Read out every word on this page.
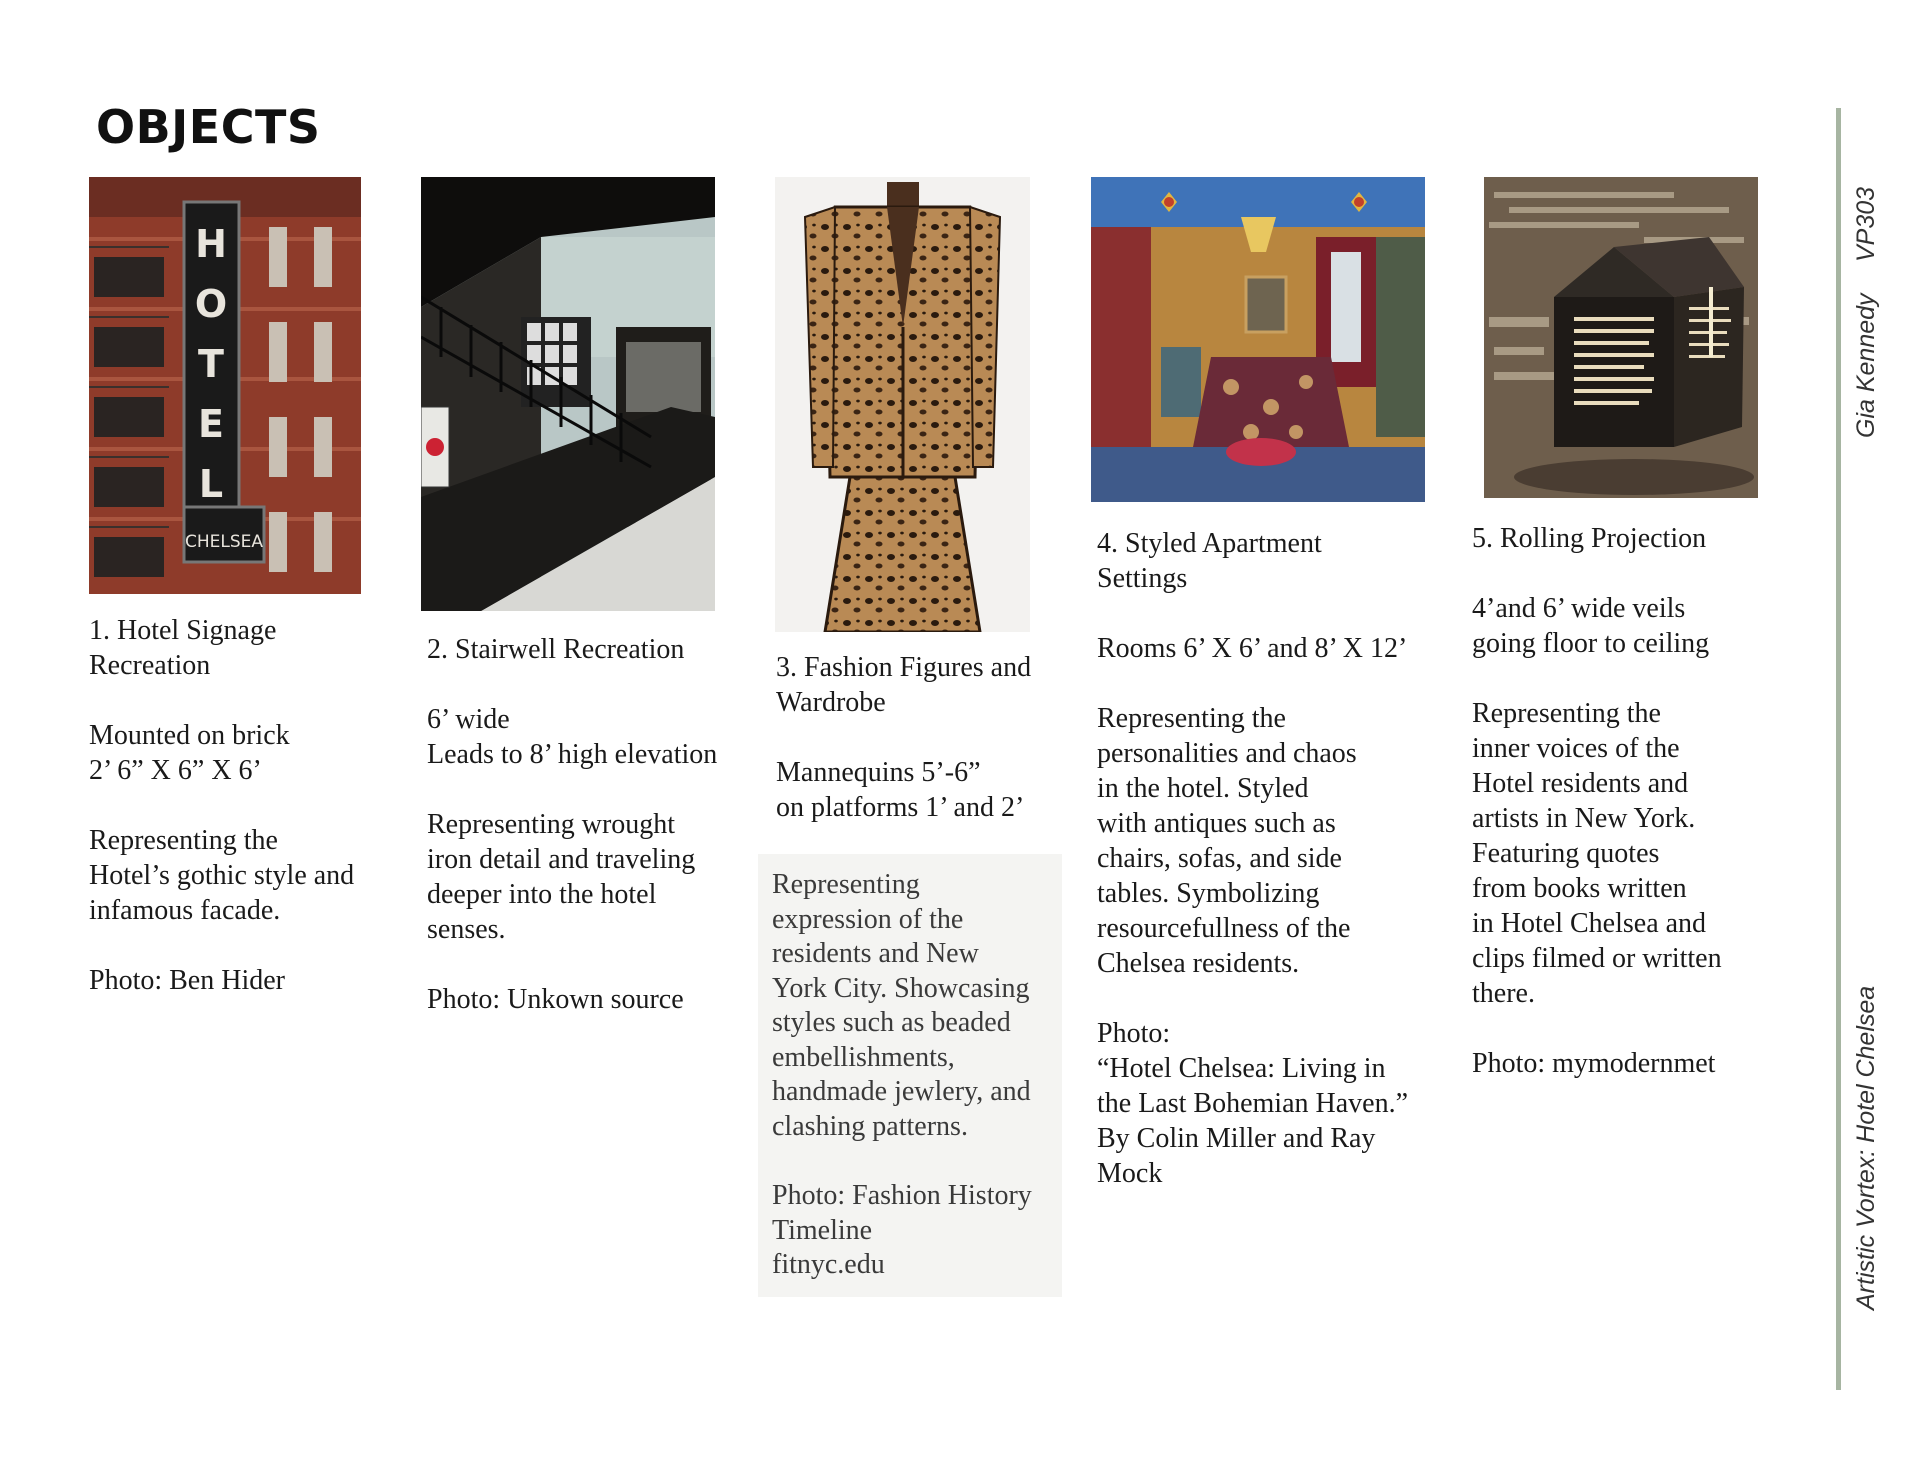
OBJECTS
H
O
T
E
L
CHELSEA

1. Hotel Signage
Recreation

Mounted on brick
2’ 6” X 6” X 6’

Representing the
Hotel’s gothic style and
infamous facade.

Photo: Ben Hider

2. Stairwell Recreation

6’ wide
Leads to 8’ high elevation

Representing wrought
iron detail and traveling
deeper into the hotel
senses.

Photo: Unkown source

3. Fashion Figures and
Wardrobe

Mannequins 5’-6”
on platforms 1’ and 2’

Representing
expression of the
residents and New
York City. Showcasing
styles such as beaded
embellishments,
handmade jewlery, and
clashing patterns.

Photo: Fashion History
Timeline
fitnyc.edu

4. Styled Apartment
Settings

Rooms 6’ X 6’ and 8’ X 12’

Representing the
personalities and chaos
in the hotel. Styled
with antiques such as
chairs, sofas, and side
tables. Symbolizing
resourcefullness of the
Chelsea residents.

Photo:
“Hotel Chelsea: Living in
the Last Bohemian Haven.”
By Colin Miller and Ray
Mock

5. Rolling Projection

4’and 6’ wide veils
going floor to ceiling

Representing the
inner voices of the
Hotel residents and
artists in New York.
Featuring quotes
from books written
in Hotel Chelsea and
clips filmed or written
there.

Photo: mymodernmet

VP303
Gia Kennedy
Artistic Vortex: Hotel Chelsea
